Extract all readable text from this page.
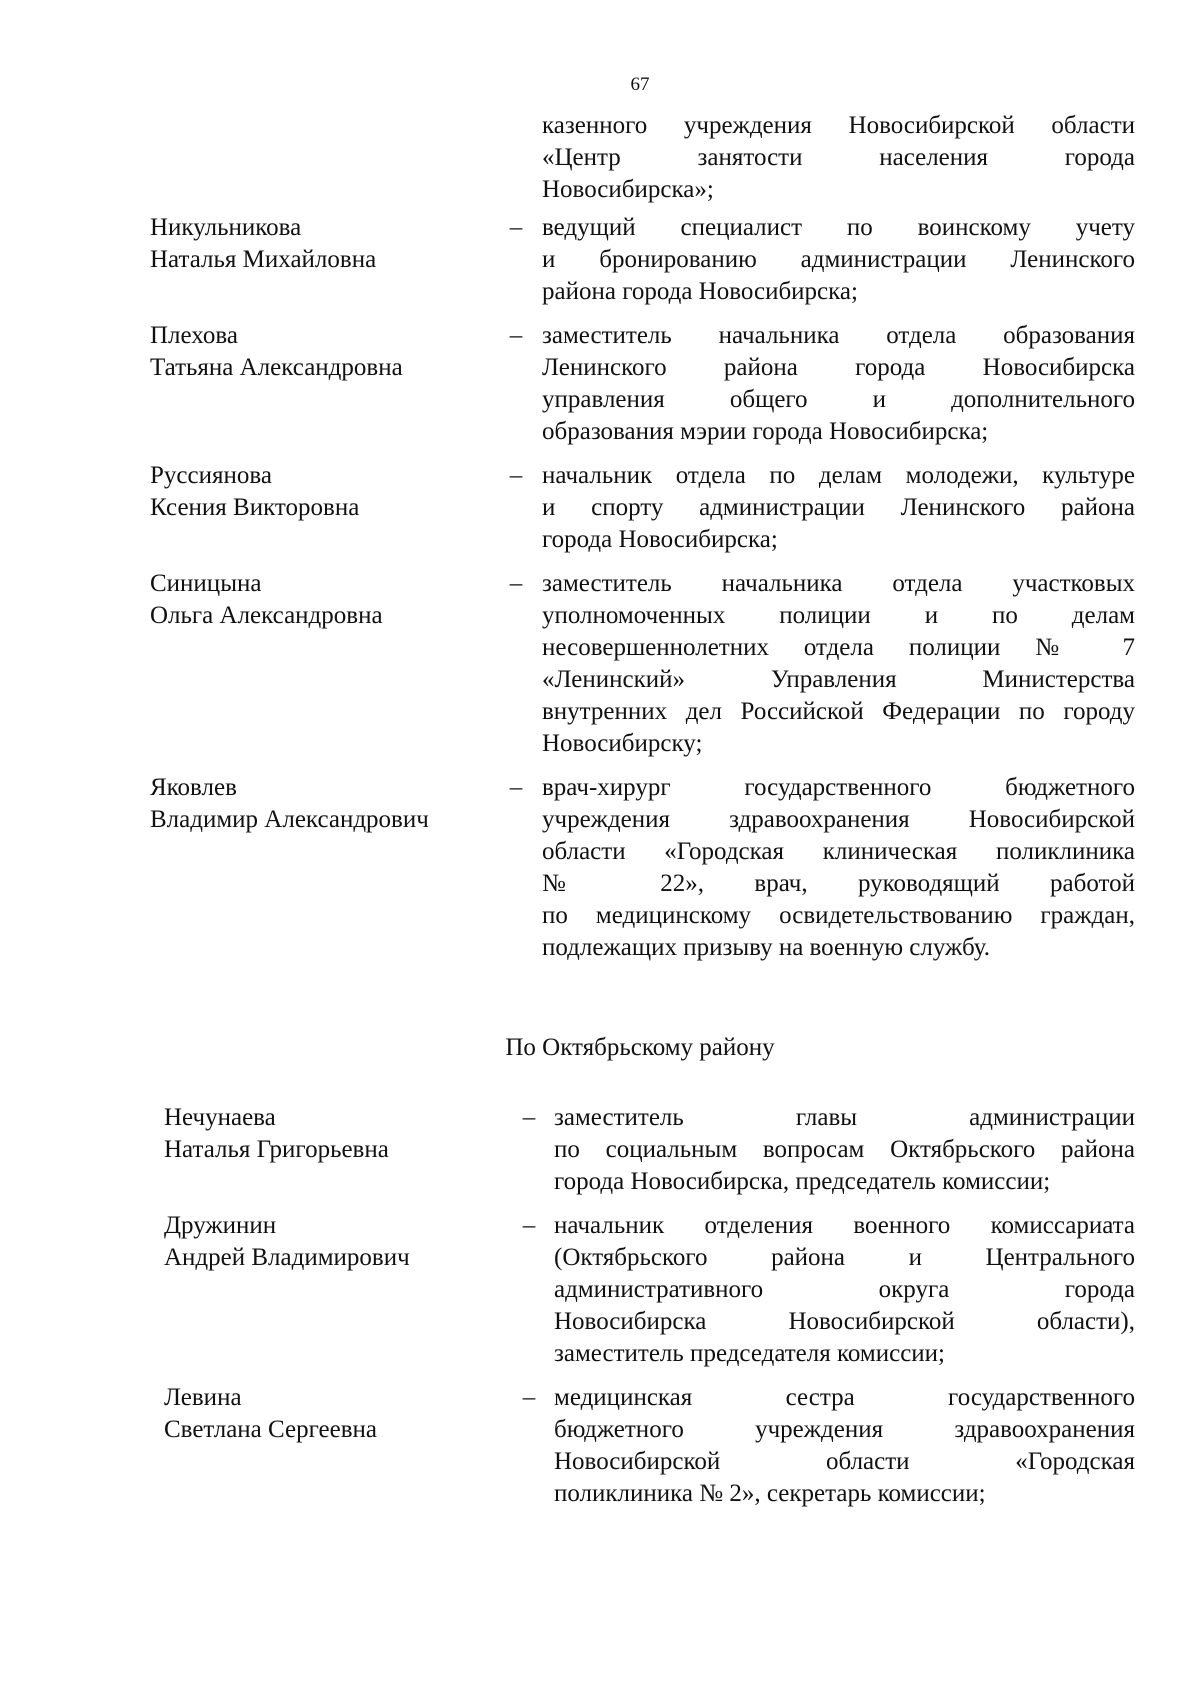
67
казенного учреждения Новосибирской области
«Центр занятости населения города
Новосибирска»;
Никульникова
Наталья Михайловна
– ведущий специалист по воинскому учету
и бронированию администрации Ленинского
района города Новосибирска;
Плехова
Татьяна Александровна
– заместитель начальника отдела образования
Ленинского района города Новосибирска
управления общего и дополнительного
образования мэрии города Новосибирска;
Руссиянова
Ксения Викторовна
– начальник отдела по делам молодежи, культуре
и спорту администрации Ленинского района
города Новосибирска;
Синицына
Ольга Александровна
– заместитель начальника отдела участковых
уполномоченных полиции и по делам
несовершеннолетних отдела полиции № 7
«Ленинский» Управления Министерства
внутренних дел Российской Федерации по городу
Новосибирску;
Яковлев
Владимир Александрович
– врач-хирург государственного бюджетного
учреждения здравоохранения Новосибирской
области «Городская клиническая поликлиника
№ 22», врач, руководящий работой
по медицинскому освидетельствованию граждан,
подлежащих призыву на военную службу.
По Октябрьскому району
Нечунаева
Наталья Григорьевна
– заместитель главы администрации
по социальным вопросам Октябрьского района
города Новосибирска, председатель комиссии;
Дружинин
Андрей Владимирович
– начальник отделения военного комиссариата
(Октябрьского района и Центрального
административного округа города
Новосибирска Новосибирской области),
заместитель председателя комиссии;
Левина
Светлана Сергеевна
– медицинская сестра государственного
бюджетного учреждения здравоохранения
Новосибирской области «Городская
поликлиника № 2», секретарь комиссии;
